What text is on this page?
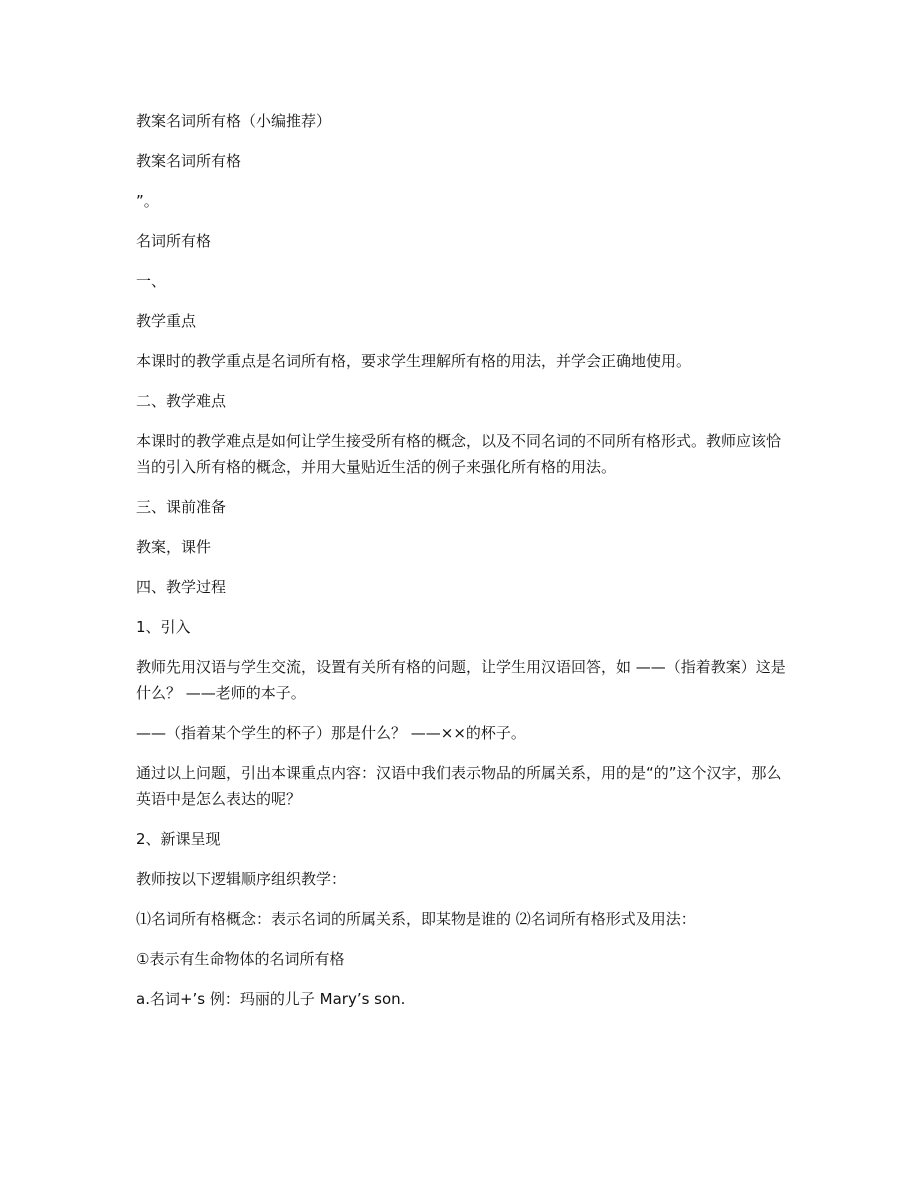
教案名词所有格（小编推荐）

教案名词所有格

”。

名词所有格

一、

教学重点

本课时的教学重点是名词所有格，要求学生理解所有格的用法，并学会正确地使用。

二、教学难点

本课时的教学难点是如何让学生接受所有格的概念，以及不同名词的不同所有格形式。教师应该恰当的引入所有格的概念，并用大量贴近生活的例子来强化所有格的用法。

三、课前准备

教案，课件

四、教学过程

1、引入

教师先用汉语与学生交流，设置有关所有格的问题，让学生用汉语回答，如 ——（指着教案）这是什么？ ——老师的本子。

——（指着某个学生的杯子）那是什么？ ——××的杯子。

通过以上问题，引出本课重点内容：汉语中我们表示物品的所属关系，用的是“的”这个汉字，那么英语中是怎么表达的呢？

2、新课呈现

教师按以下逻辑顺序组织教学：

⑴名词所有格概念：表示名词的所属关系，即某物是谁的 ⑵名词所有格形式及用法：

①表示有生命物体的名词所有格

a.名词+’s 例：玛丽的儿子 Mary’s son.
